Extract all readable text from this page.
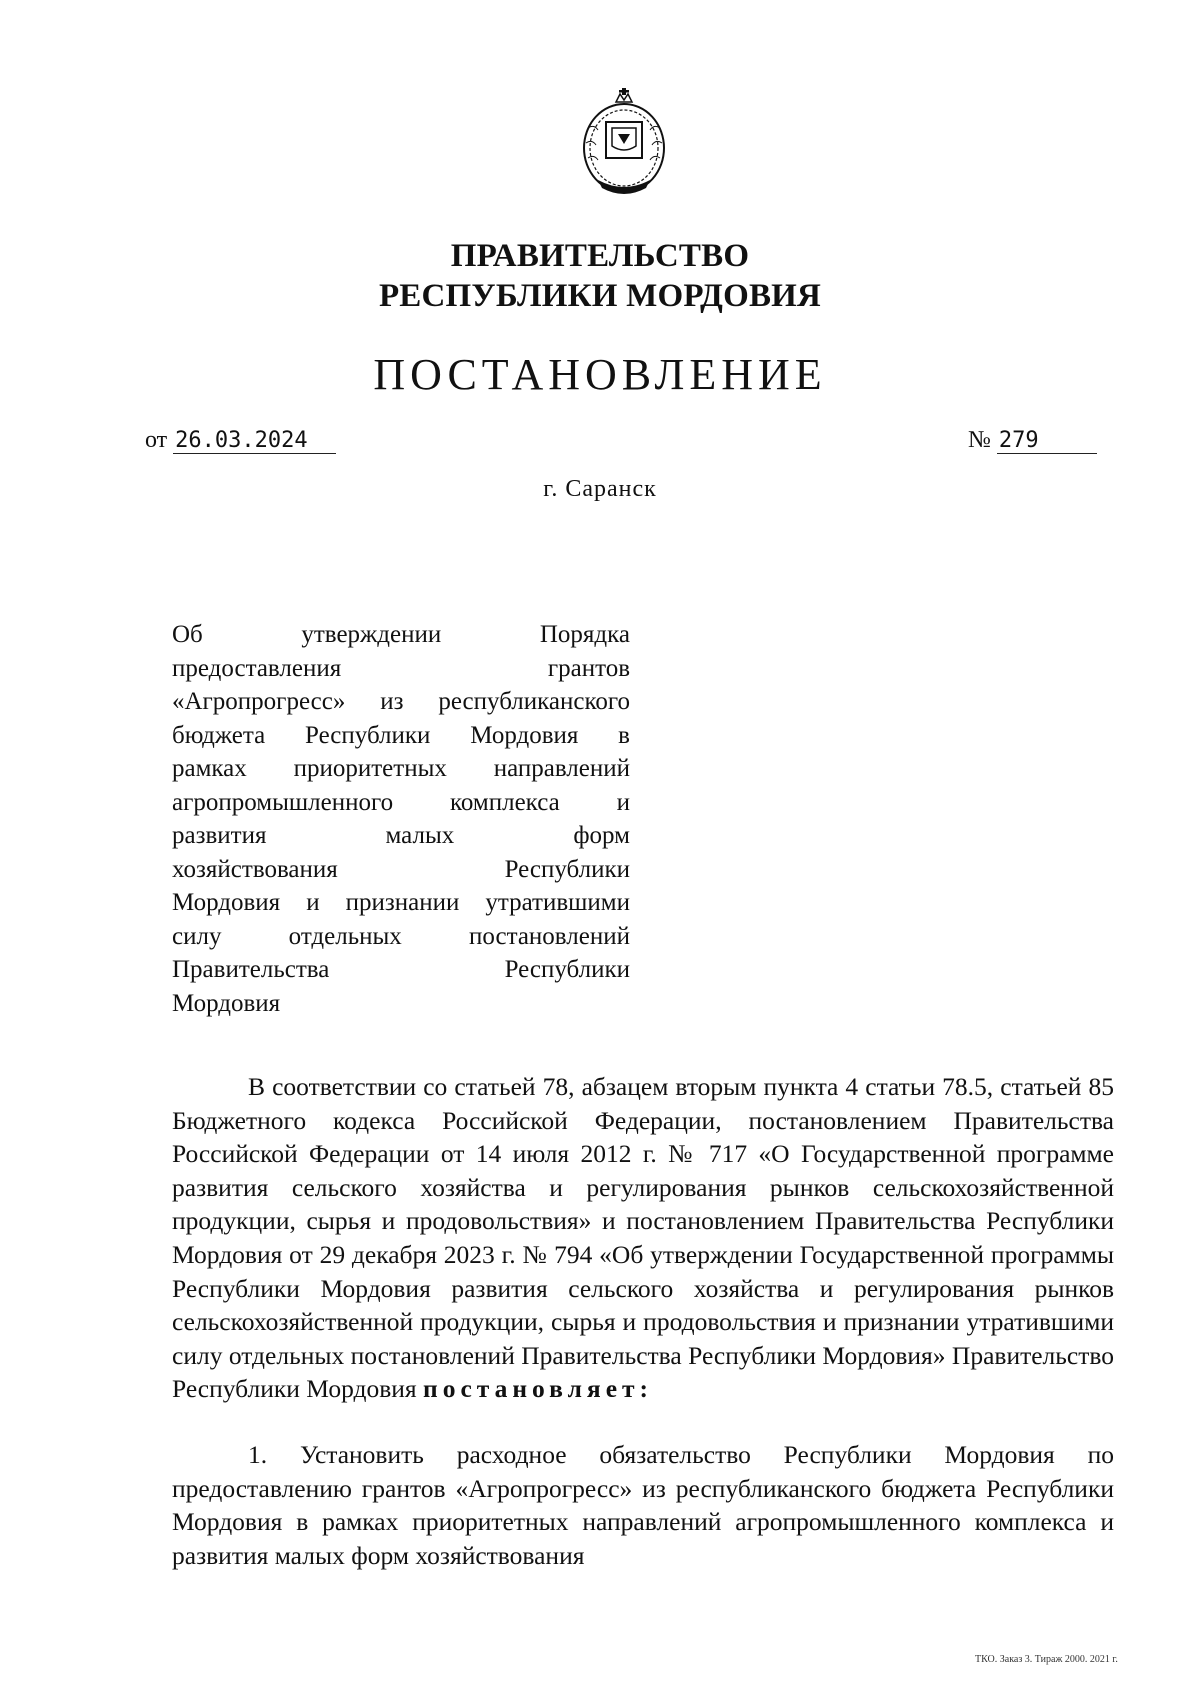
ПРАВИТЕЛЬСТВО
РЕСПУБЛИКИ МОРДОВИЯ
ПОСТАНОВЛЕНИЕ
от 26.03.2024	№ 279
г. Саранск
Об утверждении Порядка
предоставления грантов
«Агропрогресс» из республиканского
бюджета Республики Мордовия в
рамках приоритетных направлений
агропромышленного комплекса и
развития малых форм
хозяйствования Республики
Мордовия и признании утратившими
силу отдельных постановлений
Правительства Республики
Мордовия
В соответствии со статьей 78, абзацем вторым пункта 4 статьи 78.5, статьей 85 Бюджетного кодекса Российской Федерации, постановлением Правительства Российской Федерации от 14 июля 2012 г. № 717 «О Государственной программе развития сельского хозяйства и регулирования рынков сельскохозяйственной продукции, сырья и продовольствия» и постановлением Правительства Республики Мордовия от 29 декабря 2023 г. № 794 «Об утверждении Государственной программы Республики Мордовия развития сельского хозяйства и регулирования рынков сельскохозяйственной продукции, сырья и продовольствия и признании утратившими силу отдельных постановлений Правительства Республики Мордовия» Правительство Республики Мордовия постановляет:
1. Установить расходное обязательство Республики Мордовия по предоставлению грантов «Агропрогресс» из республиканского бюджета Республики Мордовия в рамках приоритетных направлений агропромышленного комплекса и развития малых форм хозяйствования
ТКО. Заказ 3. Тираж 2000. 2021 г.
